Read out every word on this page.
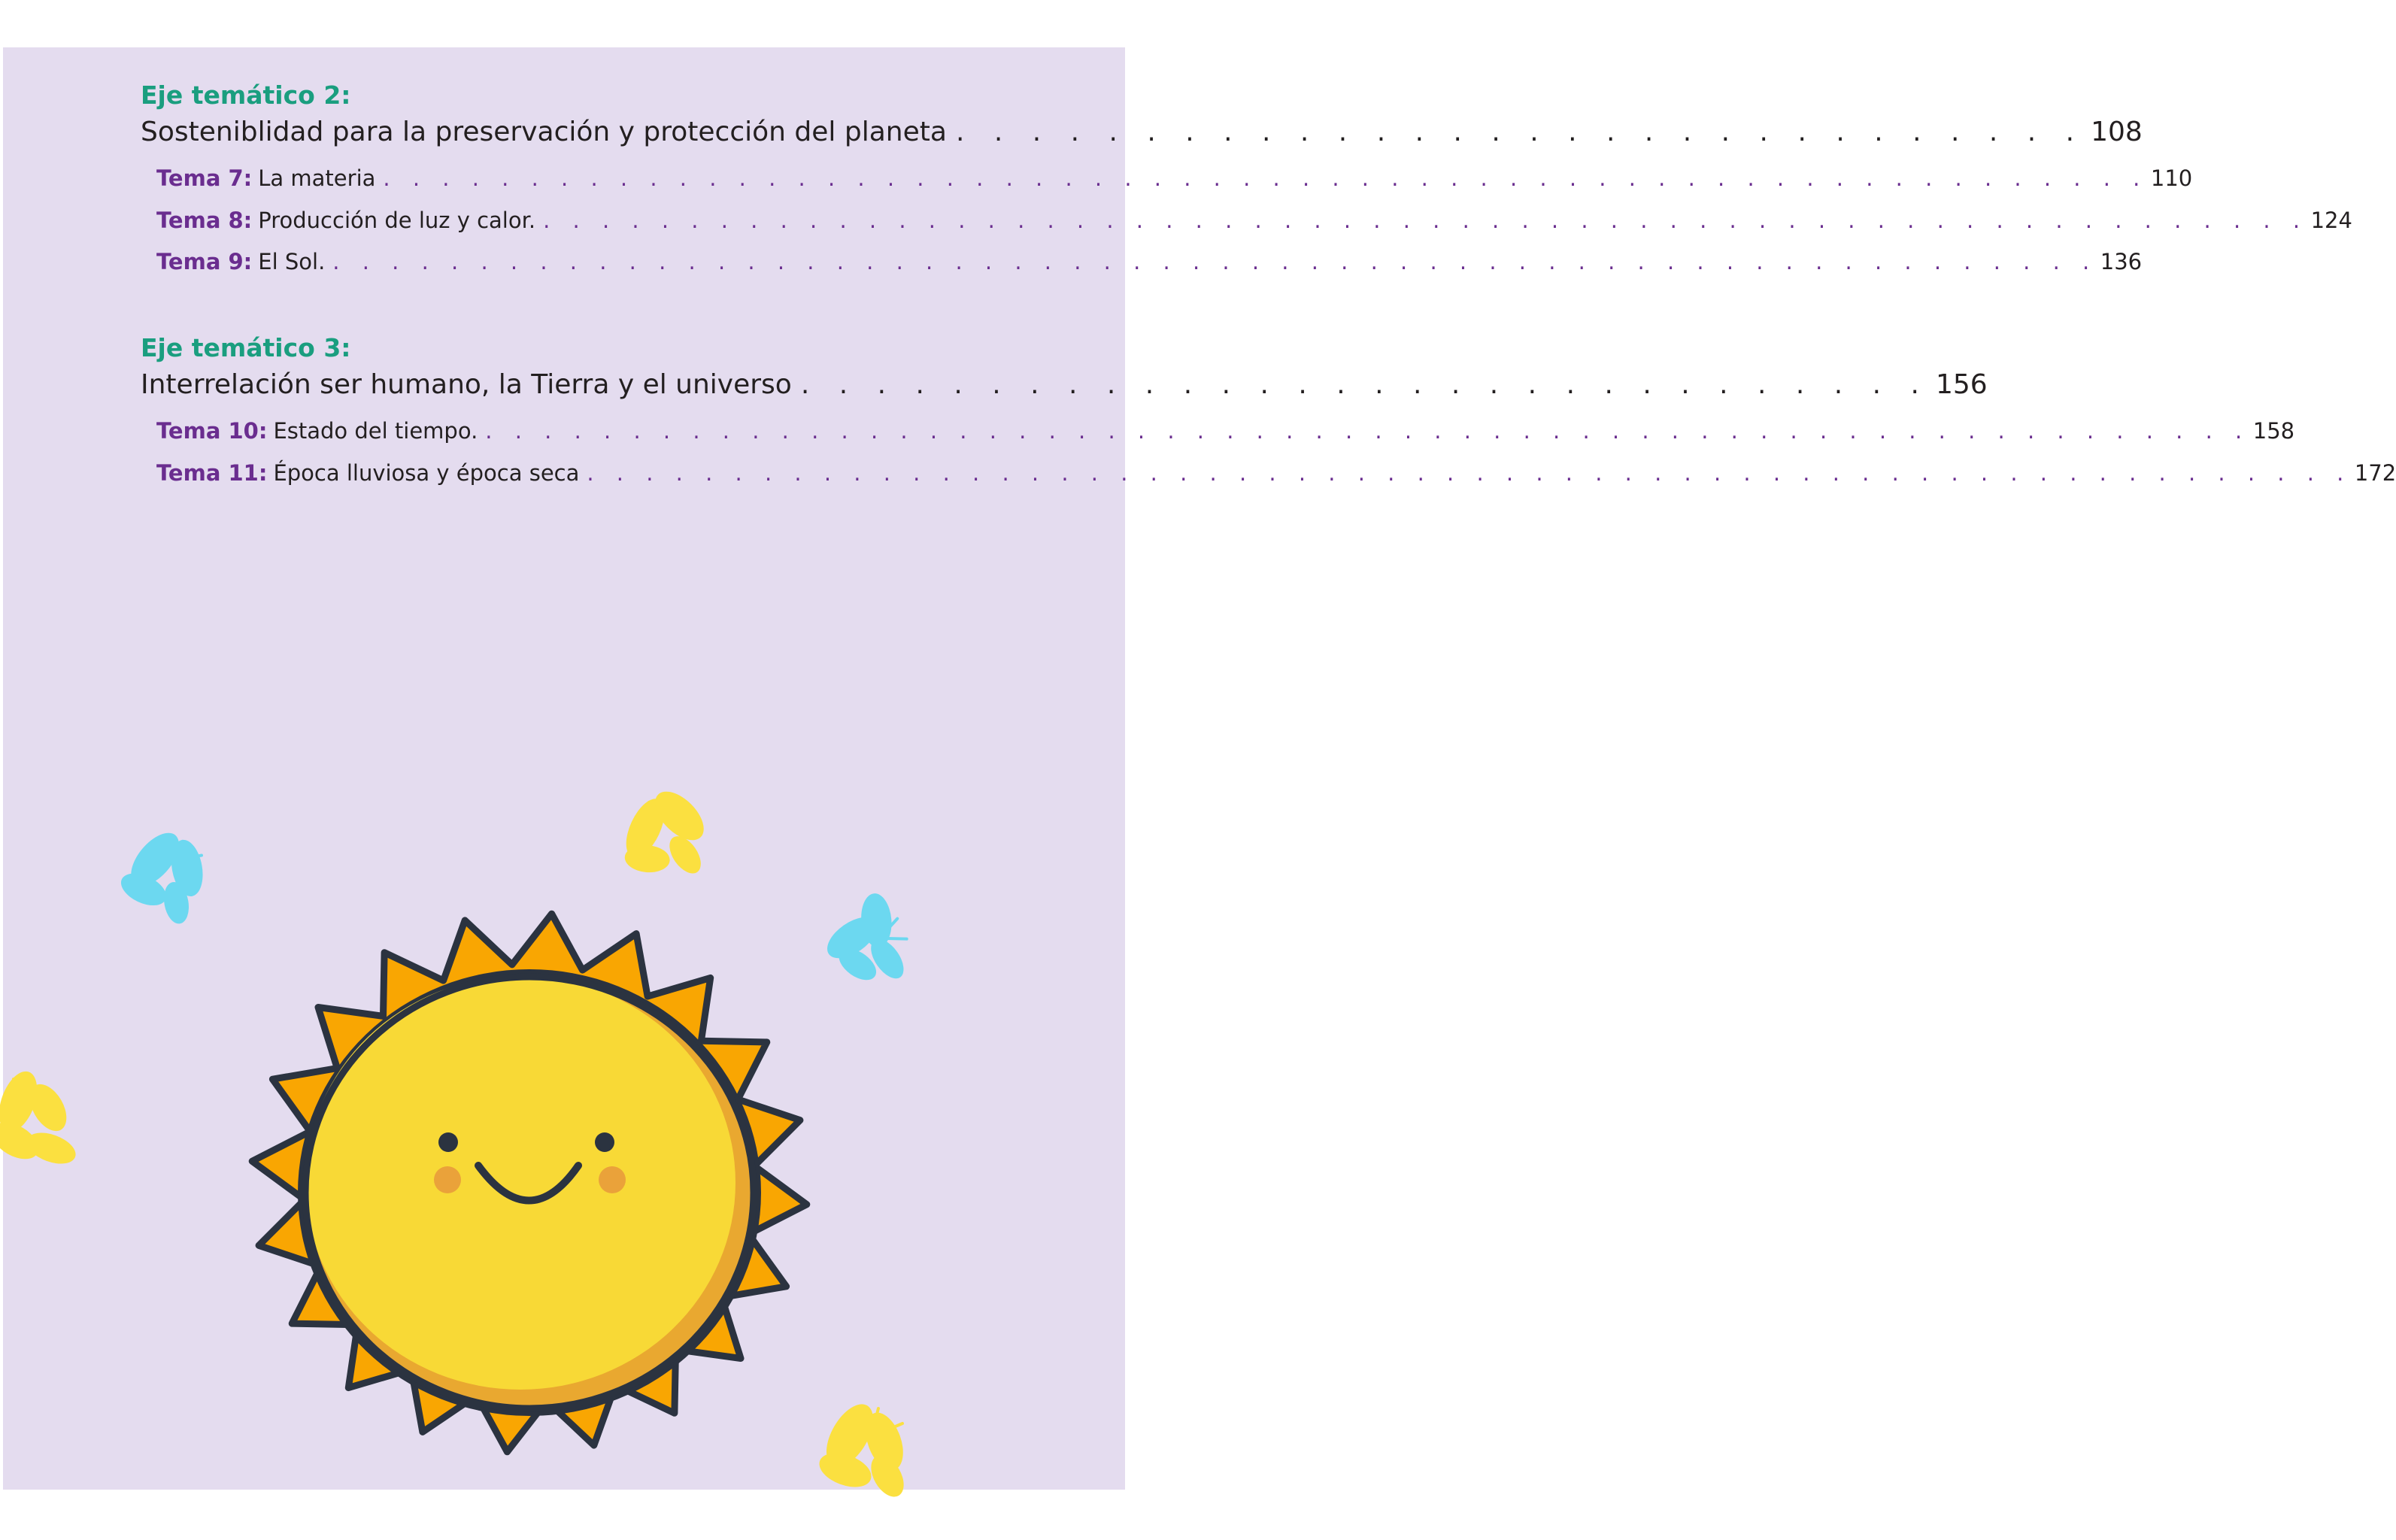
Eje temático 2:
Sosteniblidad para la preservación y protección del planeta . . . . . . . . . . . . . . . . . . . . . . . . . . . . . . 108
Tema 7: La materia . . . . . . . . . . . . . . . . . . . . . . . . . . . . . . . . . . . . . . . . . . . . . . . . . . . . . . . . . . . . 110
Tema 8: Producción de luz y calor. . . . . . . . . . . . . . . . . . . . . . . . . . . . . . . . . . . . . . . . . . . . . . . . . . . . . . . . . . . . . 124
Tema 9: El Sol. . . . . . . . . . . . . . . . . . . . . . . . . . . . . . . . . . . . . . . . . . . . . . . . . . . . . . . . . . . . . 136
Eje temático 3:
Interrelación ser humano, la Tierra y el universo . . . . . . . . . . . . . . . . . . . . . . . . . . . . . . 156
Tema 10: Estado del tiempo. . . . . . . . . . . . . . . . . . . . . . . . . . . . . . . . . . . . . . . . . . . . . . . . . . . . . . . . . . . . . 158
Tema 11: Época lluviosa y época seca . . . . . . . . . . . . . . . . . . . . . . . . . . . . . . . . . . . . . . . . . . . . . . . . . . . . . . . . . . . . 172
